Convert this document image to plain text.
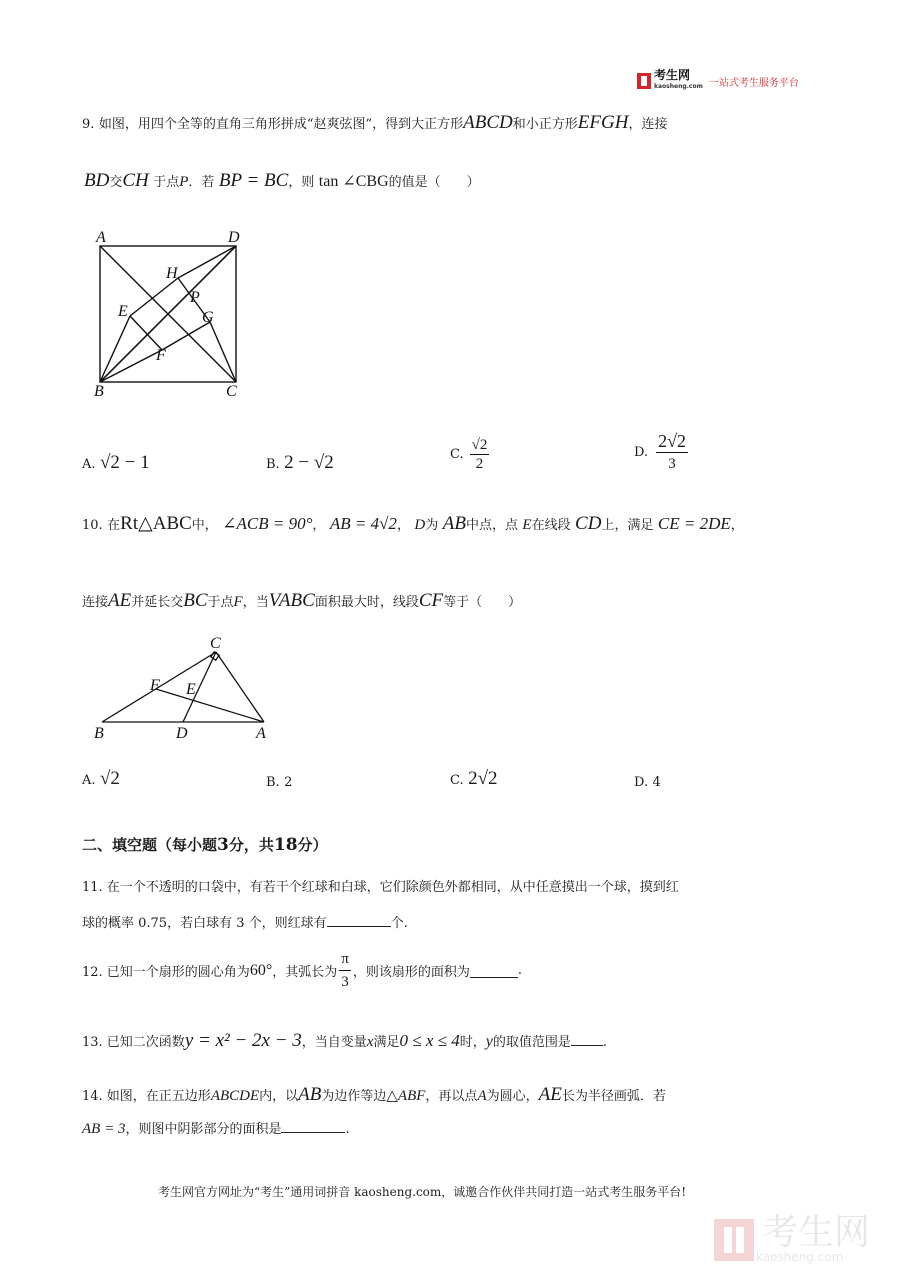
考生网
kaosheng.com 一站式考生服务平台
9. 如图，用四个全等的直角三角形拼成“赵爽弦图”，得到大正方形ABCD和小正方形EFGH，连接
BD交CH 于点P．若 BP = BC，则 tan ∠CBG的值是（　　）
A	D
H
P
E	G
F
B	C
A. √2 − 1	B. 2 − √2	C.
√2
2
D.
2√2
3
10. 在Rt△ABC中， ∠ACB = 90°， AB = 4√2， D为 AB中点，点 E在线段 CD上，满足 CE = 2DE，
连接AE并延长交BC于点F，当VABC面积最大时，线段CF等于（　　）
C
F E
B	D	A
A. √2	B. 2	C. 2√2	D. 4
二、填空题（每小题3分，共18分）
11. 在一个不透明的口袋中，有若干个红球和白球，它们除颜色外都相同，从中任意摸出一个球，摸到红
球的概率 0.75，若白球有 3 个，则红球有	个.
12. 已知一个扇形的圆心角为 60° ，其弧长为
π
3
，则该扇形的面积为	.
13. 已知二次函数y = x² − 2x − 3，当自变量x满足0 ≤ x ≤ 4时，y的取值范围是 .
14. 如图，在正五边形ABCDE内，以AB为边作等边△ABF，再以点A为圆心，AE长为半径画弧．若
AB = 3，则图中阴影部分的面积是	.
考生网官方网址为“考生”通用词拼音 kaosheng.com，诚邀合作伙伴共同打造一站式考生服务平台!
考生网
kaosheng.com
